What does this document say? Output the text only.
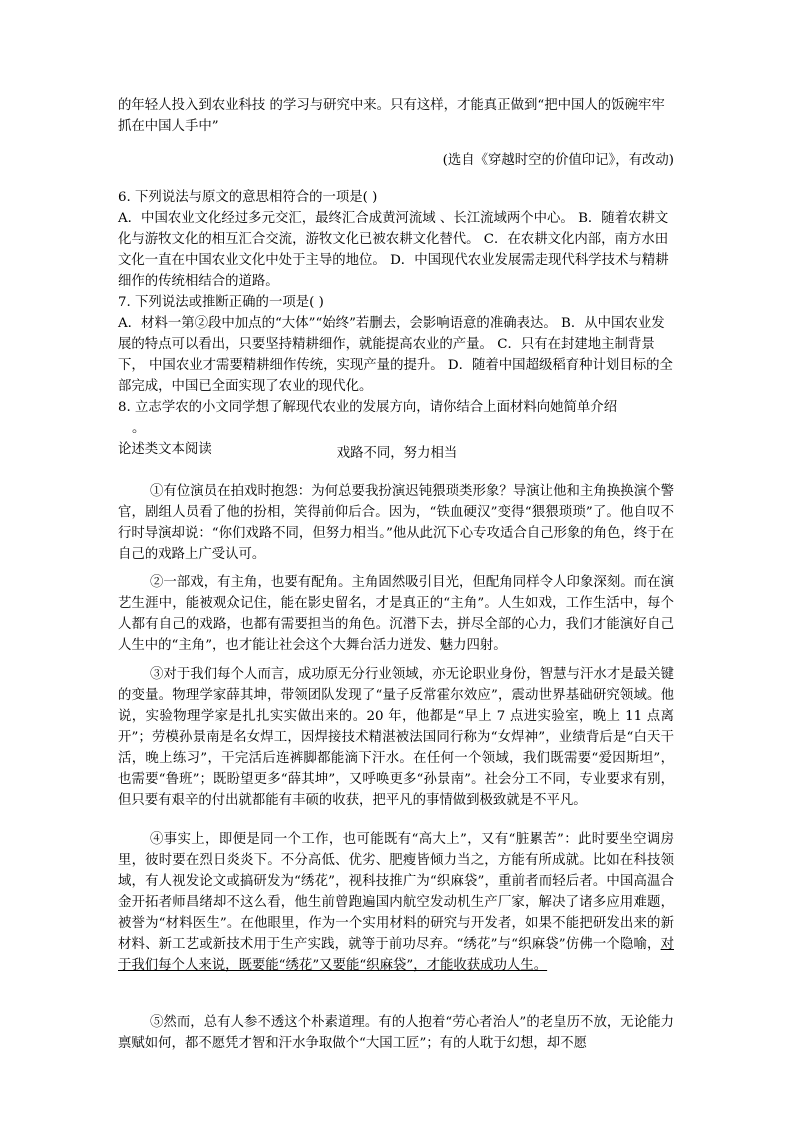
的年轻人投入到农业科技 的学习与研究中来。只有这样，才能真正做到“把中国人的饭碗牢牢抓在中国人手中”
(选自《穿越时空的价值印记》，有改动)
6. 下列说法与原文的意思相符合的一项是( )
A．中国农业文化经过多元交汇，最终汇合成黄河流域 、长江流域两个中心。 B．随着农耕文化与游牧文化的相互汇合交流，游牧文化已被农耕文化替代。 C．在农耕文化内部，南方水田文化一直在中国农业文化中处于主导的地位。 D．中国现代农业发展需走现代科学技术与精耕细作的传统相结合的道路。
7. 下列说法或推断正确的一项是( )
A．材料一第②段中加点的“大体”“始终”若删去，会影响语意的准确表达。 B．从中国农业发展的特点可以看出，只要坚持精耕细作，就能提高农业的产量。 C．只有在封建地主制背景下， 中国农业才需要精耕细作传统，实现产量的提升。 D．随着中国超级稻育种计划目标的全部完成，中国已全面实现了农业的现代化。
8. 立志学农的小文同学想了解现代农业的发展方向，请你结合上面材料向她简单介绍
。
论述类文本阅读	戏路不同，努力相当
①有位演员在拍戏时抱怨：为何总要我扮演迟钝猥琐类形象？导演让他和主角换换演个警官，剧组人员看了他的扮相，笑得前仰后合。因为，“铁血硬汉”变得“猥猥琐琐”了。他自叹不行时导演却说：“你们戏路不同，但努力相当。”他从此沉下心专攻适合自己形象的角色，终于在自己的戏路上广受认可。
②一部戏，有主角，也要有配角。主角固然吸引目光，但配角同样令人印象深刻。而在演艺生涯中，能被观众记住，能在影史留名，才是真正的“主角”。人生如戏，工作生活中，每个人都有自己的戏路，也都有需要担当的角色。沉潜下去，拼尽全部的心力，我们才能演好自己人生中的“主角”，也才能让社会这个大舞台活力迸发、魅力四射。
③对于我们每个人而言，成功原无分行业领域，亦无论职业身份，智慧与汗水才是最关键的变量。物理学家薛其坤，带领团队发现了“量子反常霍尔效应”，震动世界基础研究领域。他说，实验物理学家是扎扎实实做出来的。20 年，他都是“早上 7 点进实验室，晚上 11 点离开”；劳模孙景南是名女焊工，因焊接技术精湛被法国同行称为“女焊神”，业绩背后是“白天干活，晚上练习”，干完活后连裤脚都能滴下汗水。在任何一个领域，我们既需要“爱因斯坦”，也需要“鲁班”；既盼望更多“薛其坤”，又呼唤更多“孙景南”。社会分工不同，专业要求有别，但只要有艰辛的付出就都能有丰硕的收获，把平凡的事情做到极致就是不平凡。
④事实上，即便是同一个工作，也可能既有“高大上”，又有“脏累苦”：此时要坐空调房里，彼时要在烈日炎炎下。不分高低、优劣、肥瘦皆倾力当之，方能有所成就。比如在科技领域，有人视发论文或搞研发为“绣花”，视科技推广为“织麻袋”，重前者而轻后者。中国高温合金开拓者师昌绪却不这么看，他生前曾跑遍国内航空发动机生产厂家，解决了诸多应用难题，被誉为“材料医生”。在他眼里，作为一个实用材料的研究与开发者，如果不能把研发出来的新材料、新工艺或新技术用于生产实践，就等于前功尽弃。“绣花”与“织麻袋”仿佛一个隐喻，对于我们每个人来说，既要能“绣花”又要能“织麻袋”，才能收获成功人生。
⑤然而，总有人参不透这个朴素道理。有的人抱着“劳心者治人”的老皇历不放，无论能力禀赋如何，都不愿凭才智和汗水争取做个“大国工匠”；有的人耽于幻想，却不愿
